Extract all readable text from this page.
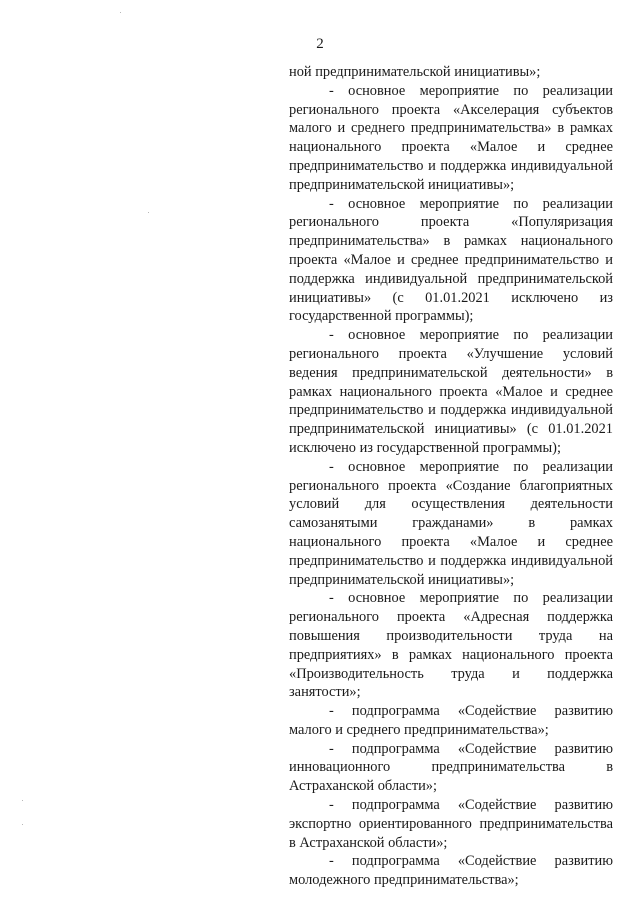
2

ной предпринимательской инициативы»;

- основное мероприятие по реализации регионального проекта «Акселерация субъектов малого и среднего предпринимательства» в рамках национального проекта «Малое и среднее предпринимательство и поддержка индивидуальной предпринимательской инициативы»;

- основное мероприятие по реализации регионального проекта «Популяризация предпринимательства» в рамках национального проекта «Малое и среднее предпринимательство и поддержка индивидуальной предпринимательской инициативы» (с 01.01.2021 исключено из государственной программы);

- основное мероприятие по реализации регионального проекта «Улучшение условий ведения предпринимательской деятельности» в рамках национального проекта «Малое и среднее предпринимательство и поддержка индивидуальной предпринимательской инициативы» (с 01.01.2021 исключено из государственной программы);

- основное мероприятие по реализации регионального проекта «Создание благоприятных условий для осуществления деятельности самозанятыми гражданами» в рамках национального проекта «Малое и среднее предпринимательство и поддержка индивидуальной предпринимательской инициативы»;

- основное мероприятие по реализации регионального проекта «Адресная поддержка повышения производительности труда на предприятиях» в рамках национального проекта «Производительность труда и поддержка занятости»;

- подпрограмма «Содействие развитию малого и среднего предпринимательства»;

- подпрограмма «Содействие развитию инновационного предпринимательства в Астраханской области»;

- подпрограмма «Содействие развитию экспортно ориентированного предпринимательства в Астраханской области»;

- подпрограмма «Содействие развитию молодежного предпринимательства»;
